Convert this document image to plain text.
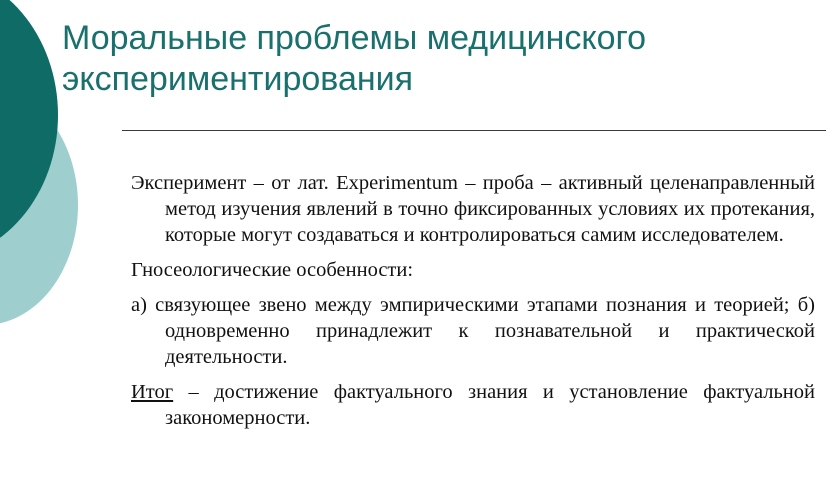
Моральные проблемы медицинского
экспериментирования

Эксперимент – от лат. Experimentum – проба – активный целенаправленный метод изучения явлений в точно фиксированных условиях их протекания, которые могут создаваться и контролироваться самим исследователем.

Гносеологические особенности:

а) связующее звено между эмпирическими этапами познания и теорией; б) одновременно принадлежит к познавательной и практической деятельности.

Итог – достижение фактуального знания и установление фактуальной закономерности.
